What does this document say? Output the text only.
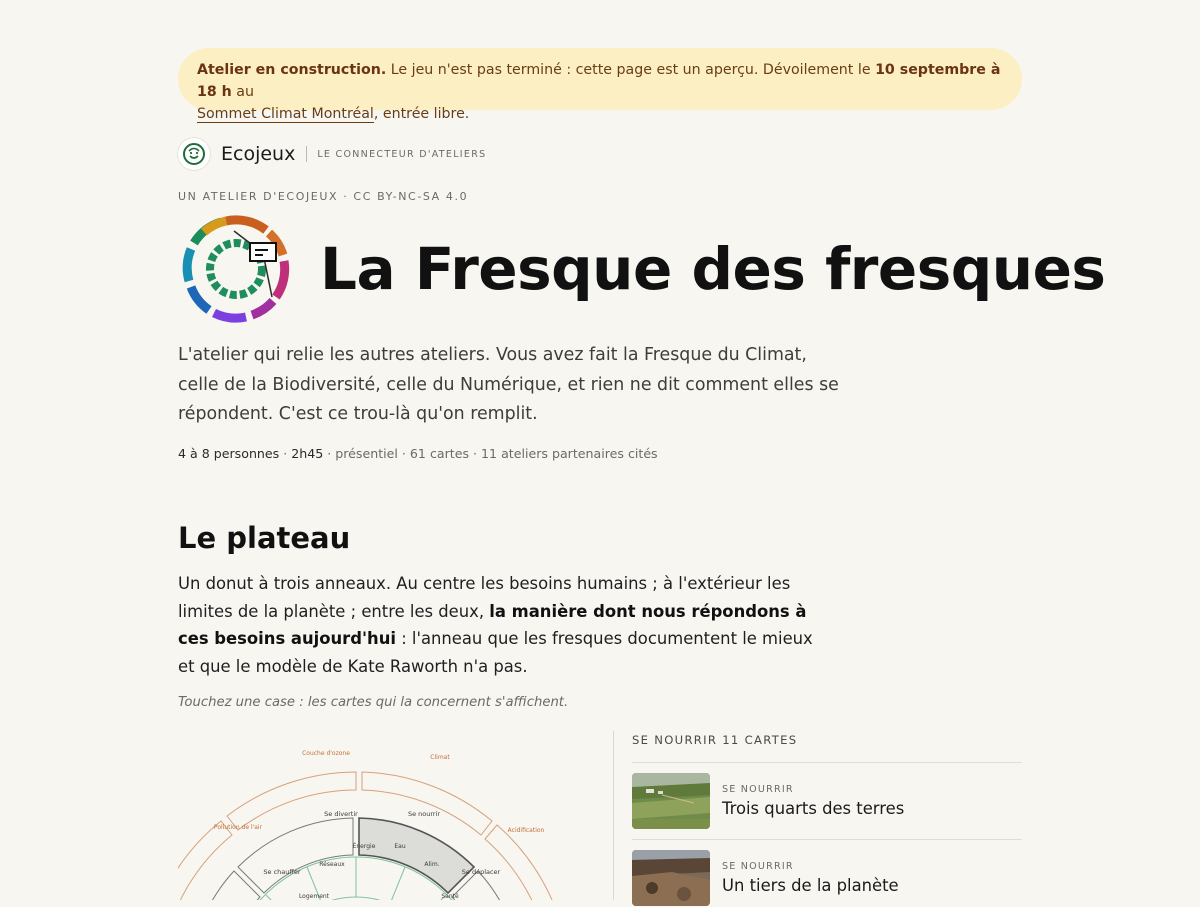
Atelier en construction. Le jeu n'est pas terminé : cette page est un aperçu. Dévoilement le 10 septembre à 18 h au
Sommet Climat Montréal, entrée libre.
Ecojeux LE CONNECTEUR D'ATELIERS
UN ATELIER D'ECOJEUX · CC BY-NC-SA 4.0
La Fresque des fresques

L'atelier qui relie les autres ateliers. Vous avez fait la Fresque du Climat, celle de la Biodiversité, celle du Numérique, et rien ne dit comment elles se répondent. C'est ce trou-là qu'on remplit.

4 à 8 personnes · 2h45 · présentiel · 61 cartes · 11 ateliers partenaires cités
Le plateau

Un donut à trois anneaux. Au centre les besoins humains ; à l'extérieur les limites de la planète ; entre les deux, la manière dont nous répondons à ces besoins aujourd'hui : l'anneau que les fresques documentent le mieux et que le modèle de Kate Raworth n'a pas.

Touchez une case : les cartes qui la concernent s'affichent.
Couche d'ozone
Climat
Pollution de l'air	Acidification
Se divertir	Se nourrir
Se chauffer	Se déplacer
Énergie	Eau
Réseaux	Alim.
Logement	Santé
SE NOURRIR 11 CARTES
SE NOURRIR
Trois quarts des terres
SE NOURRIR
Un tiers de la planète
